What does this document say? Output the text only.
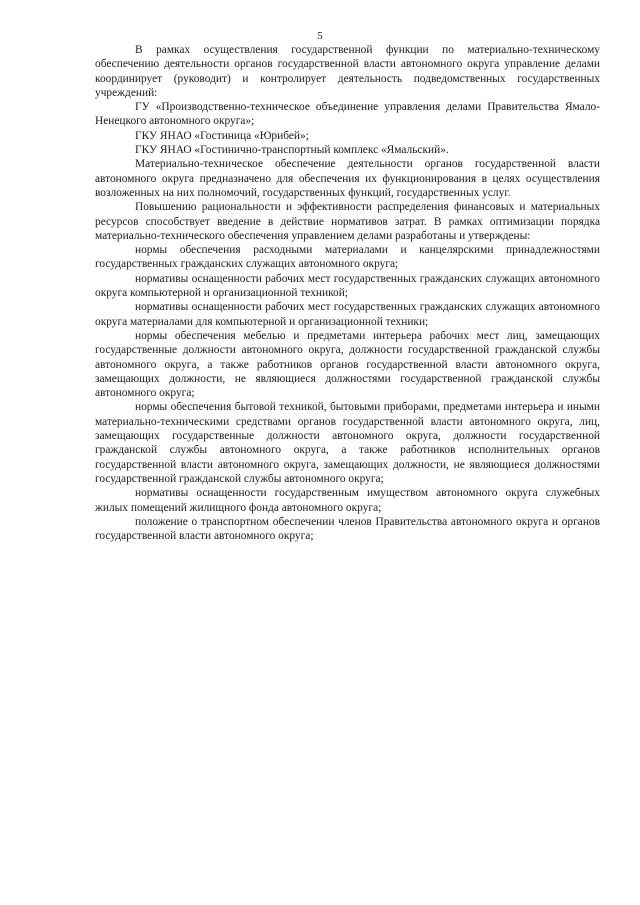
5

В рамках осуществления государственной функции по материально-техническому обеспечению деятельности органов государственной власти автономного округа управление делами координирует (руководит) и контролирует деятельность подведомственных государственных учреждений:

ГУ «Производственно-техническое объединение управления делами Правительства Ямало-Ненецкого автономного округа»;

ГКУ ЯНАО «Гостиница «Юрибей»;

ГКУ ЯНАО «Гостинично-транспортный комплекс «Ямальский».

Материально-техническое обеспечение деятельности органов государственной власти автономного округа предназначено для обеспечения их функционирования в целях осуществления возложенных на них полномочий, государственных функций, государственных услуг.

Повышению рациональности и эффективности распределения финансовых и материальных ресурсов способствует введение в действие нормативов затрат. В рамках оптимизации порядка материально-технического обеспечения управлением делами разработаны и утверждены:

нормы обеспечения расходными материалами и канцелярскими принадлежностями государственных гражданских служащих автономного округа;

нормативы оснащенности рабочих мест государственных гражданских служащих автономного округа компьютерной и организационной техникой;

нормативы оснащенности рабочих мест государственных гражданских служащих автономного округа материалами для компьютерной и организационной техники;

нормы обеспечения мебелью и предметами интерьера рабочих мест лиц, замещающих государственные должности автономного округа, должности государственной гражданской службы автономного округа, а также работников органов государственной власти автономного округа, замещающих должности, не являющиеся должностями государственной гражданской службы автономного округа;

нормы обеспечения бытовой техникой, бытовыми приборами, предметами интерьера и иными материально-техническими средствами органов государственной власти автономного округа, лиц, замещающих государственные должности автономного округа, должности государственной гражданской службы автономного округа, а также работников исполнительных органов государственной власти автономного округа, замещающих должности, не являющиеся должностями государственной гражданской службы автономного округа;

нормативы оснащенности государственным имуществом автономного округа служебных жилых помещений жилищного фонда автономного округа;

положение о транспортном обеспечении членов Правительства автономного округа и органов государственной власти автономного округа;
